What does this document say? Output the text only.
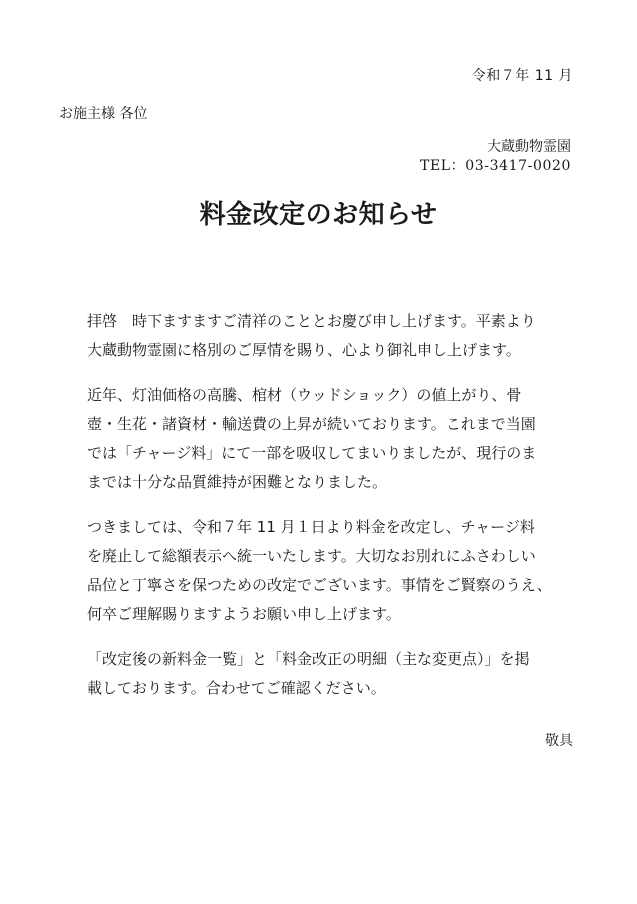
令和７年 11 月
お施主様 各位
大蔵動物霊園
TEL：03-3417-0020
料金改定のお知らせ
拝啓　時下ますますご清祥のこととお慶び申し上げます。平素より
大蔵動物霊園に格別のご厚情を賜り、心より御礼申し上げます。
近年、灯油価格の高騰、棺材（ウッドショック）の値上がり、骨
壺・生花・諸資材・輸送費の上昇が続いております。これまで当園
では「チャージ料」にて一部を吸収してまいりましたが、現行のま
までは十分な品質維持が困難となりました。
つきましては、令和７年 11 月１日より料金を改定し、チャージ料
を廃止して総額表示へ統一いたします。大切なお別れにふさわしい
品位と丁寧さを保つための改定でございます。事情をご賢察のうえ、
何卒ご理解賜りますようお願い申し上げます。
「改定後の新料金一覧」と「料金改正の明細（主な変更点）」を掲
載しております。合わせてご確認ください。
敬具
